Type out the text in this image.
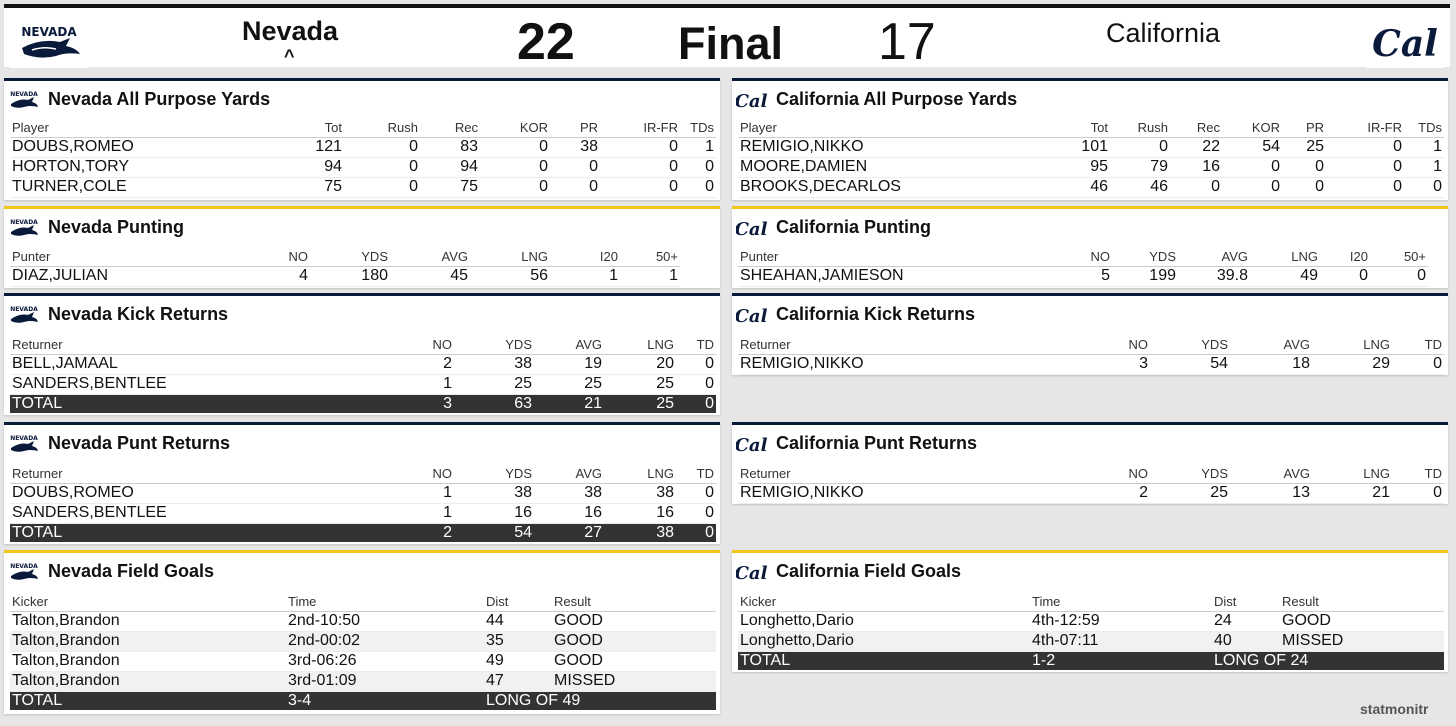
NEVADA	Nevada
^	22 Final 17	California	Cal
NEVADA Nevada All Purpose Yards
Player	Tot	Rush	Rec	KOR	PR	IR-FR	TDs
DOUBS,ROMEO	121	0	83	0	38	0	1
HORTON,TORY	94	0	94	0	0	0	0
TURNER,COLE	75	0	75	0	0	0	0
NEVADA Nevada Punting
Punter	NO	YDS	AVG	LNG	I20	50+
DIAZ,JULIAN	4	180	45	56	1	1
NEVADA Nevada Kick Returns
Returner	NO	YDS	AVG	LNG	TD
BELL,JAMAAL	2	38	19	20	0
SANDERS,BENTLEE	1	25	25	25	0
TOTAL	3	63	21	25	0
NEVADA Nevada Punt Returns
Returner	NO	YDS	AVG	LNG	TD
DOUBS,ROMEO	1	38	38	38	0
SANDERS,BENTLEE	1	16	16	16	0
TOTAL	2	54	27	38	0
NEVADA Nevada Field Goals
Kicker	Time	Dist	Result
Talton,Brandon	2nd-10:50	44	GOOD
Talton,Brandon	2nd-00:02	35	GOOD
Talton,Brandon	3rd-06:26	49	GOOD
Talton,Brandon	3rd-01:09	47	MISSED
TOTAL	3-4	LONG OF 49	
Cal California All Purpose Yards
Player	Tot	Rush	Rec	KOR	PR	IR-FR	TDs
REMIGIO,NIKKO	101	0	22	54	25	0	1
MOORE,DAMIEN	95	79	16	0	0	0	1
BROOKS,DECARLOS	46	46	0	0	0	0	0
Cal California Punting
Punter	NO	YDS	AVG	LNG	I20	50+
SHEAHAN,JAMIESON	5	199	39.8	49	0	0
Cal California Kick Returns
Returner	NO	YDS	AVG	LNG	TD
REMIGIO,NIKKO	3	54	18	29	0
Cal California Punt Returns
Returner	NO	YDS	AVG	LNG	TD
REMIGIO,NIKKO	2	25	13	21	0
Cal California Field Goals
Kicker	Time	Dist	Result
Longhetto,Dario	4th-12:59	24	GOOD
Longhetto,Dario	4th-07:11	40	MISSED
TOTAL	1-2	LONG OF 24	
statmonitr
